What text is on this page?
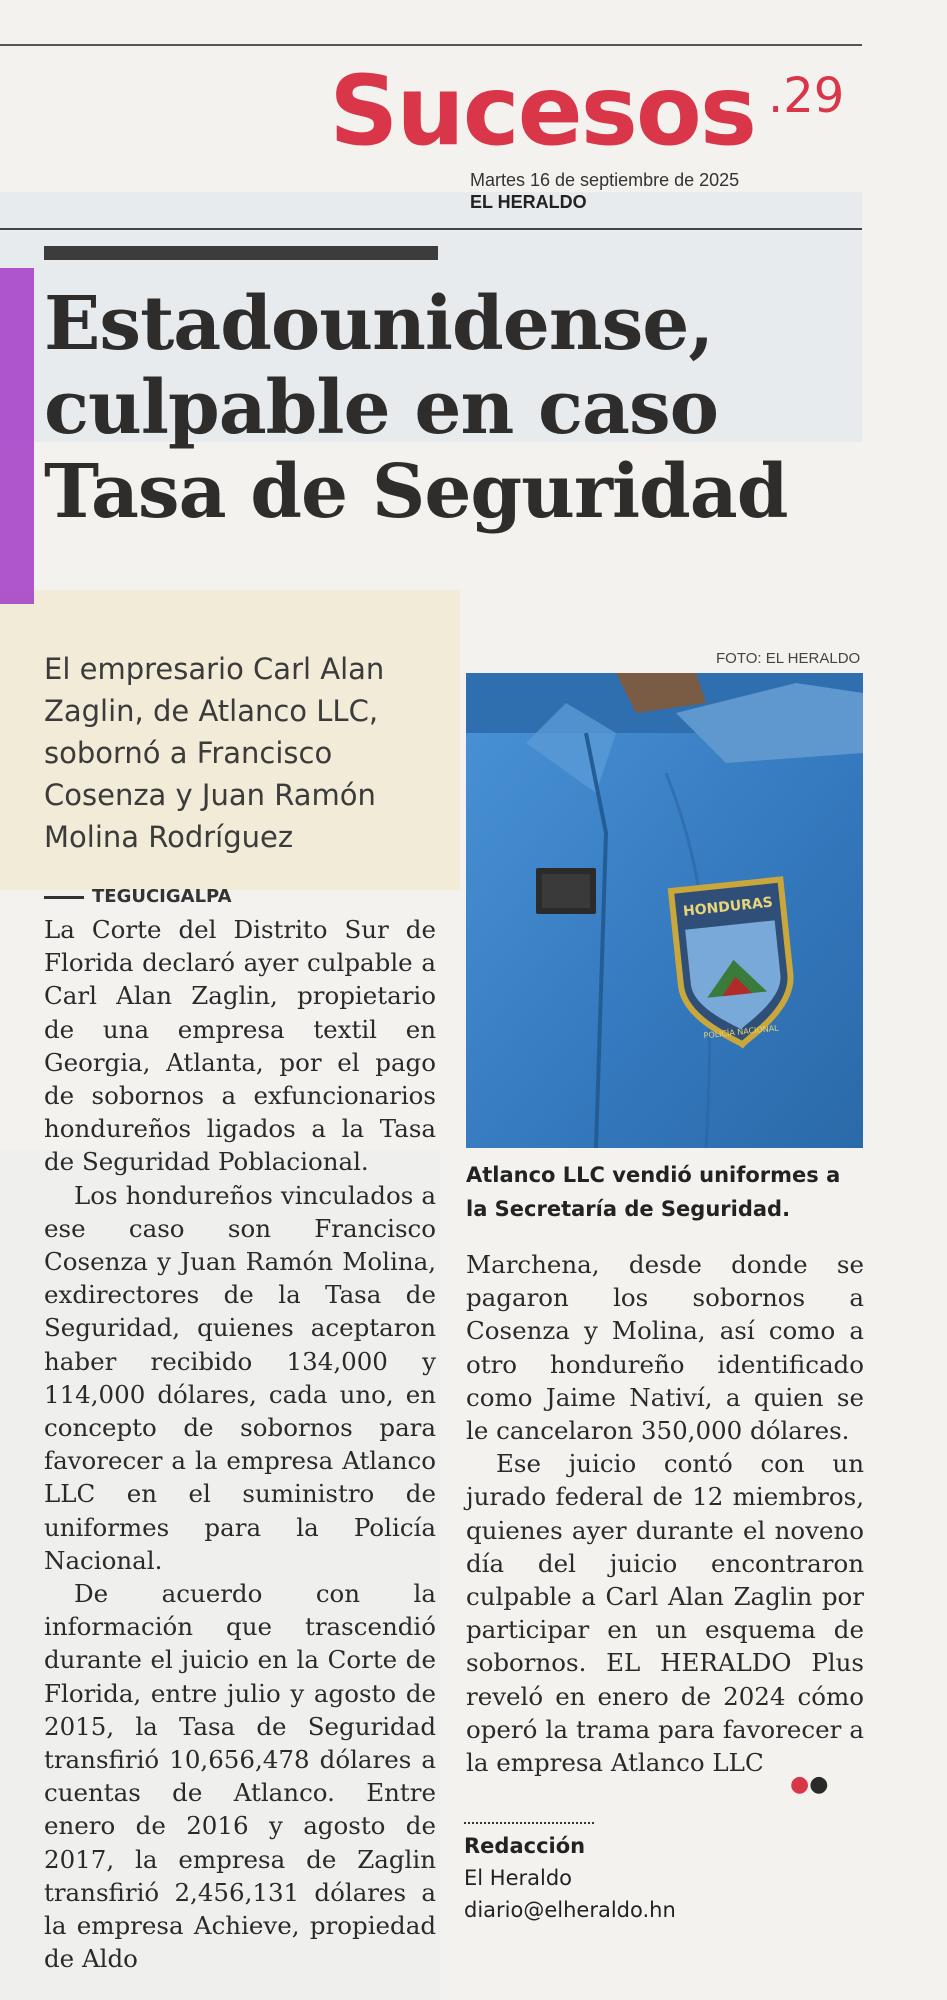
Sucesos .29
Martes 16 de septiembre de 2025
EL HERALDO
Estadounidense,
culpable en caso
Tasa de Seguridad
El empresario Carl Alan Zaglin, de Atlanco LLC, sobornó a Francisco Cosenza y Juan Ramón Molina Rodríguez
FOTO: EL HERALDO
HONDURAS
POLICÍA NACIONAL
Atlanco LLC vendió uniformes a la Secretaría de Seguridad.
TEGUCIGALPA

La Corte del Distrito Sur de Florida declaró ayer culpable a Carl Alan Zaglin, propietario de una empresa textil en Georgia, Atlanta, por el pago de sobornos a exfuncionarios hondureños ligados a la Tasa de Seguridad Poblacional.

Los hondureños vinculados a ese caso son Francisco Cosenza y Juan Ramón Molina, exdirectores de la Tasa de Seguridad, quienes aceptaron haber recibido 134,000 y 114,000 dólares, cada uno, en concepto de sobornos para favorecer a la empresa Atlanco LLC en el suministro de uniformes para la Policía Nacional.

De acuerdo con la información que trascendió durante el juicio en la Corte de Florida, entre julio y agosto de 2015, la Tasa de Seguridad transfirió 10,656,478 dólares a cuentas de Atlanco. Entre enero de 2016 y agosto de 2017, la empresa de Zaglin transfirió 2,456,131 dólares a la empresa Achieve, propiedad de Aldo

Marchena, desde donde se pagaron los sobornos a Cosenza y Molina, así como a otro hondureño identificado como Jaime Nativí, a quien se le cancelaron 350,000 dólares.

Ese juicio contó con un jurado federal de 12 miembros, quienes ayer durante el noveno día del juicio encontraron culpable a Carl Alan Zaglin por participar en un esquema de sobornos. EL HERALDO Plus reveló en enero de 2024 cómo operó la trama para favorecer a la empresa Atlanco LLC

●●
Redacción
El Heraldo
diario@elheraldo.hn
